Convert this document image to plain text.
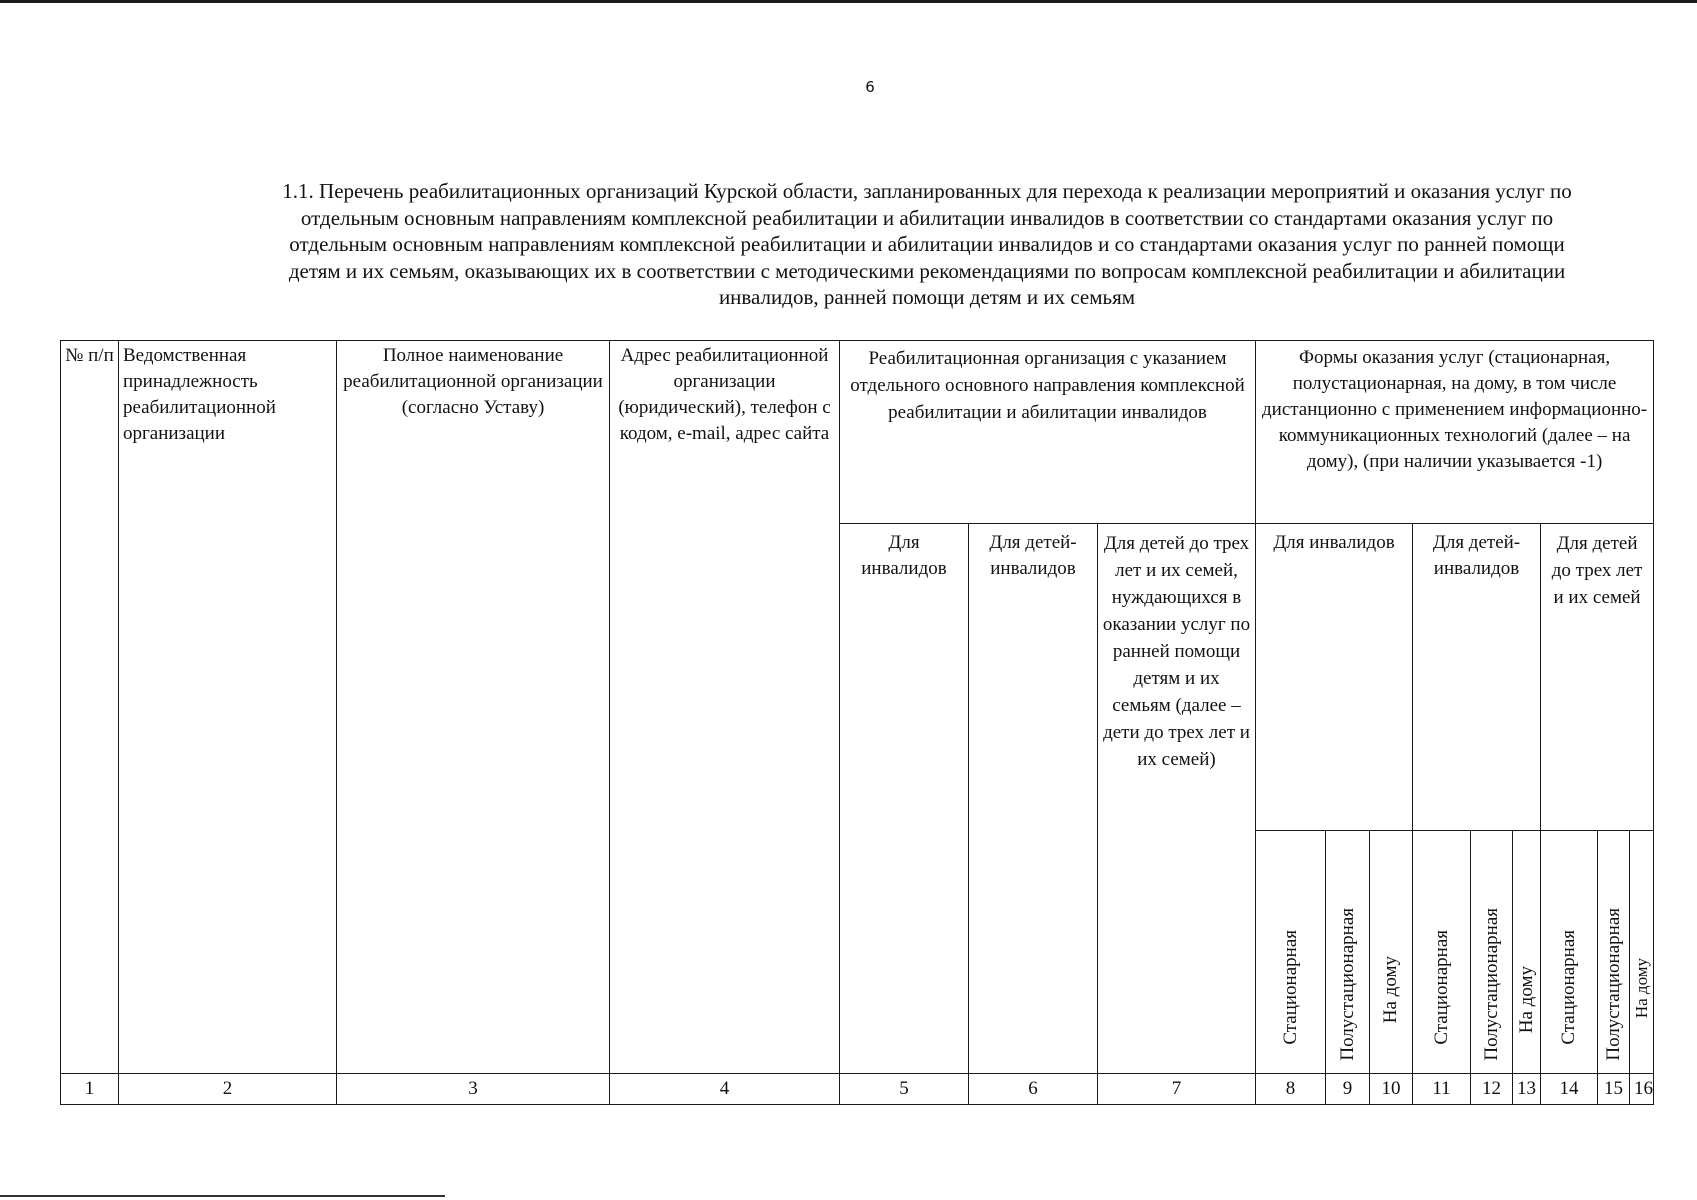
6
1.1. Перечень реабилитационных организаций Курской области, запланированных для перехода к реализации мероприятий и оказания услуг по отдельным основным направлениям комплексной реабилитации и абилитации инвалидов в соответствии со стандартами оказания услуг по отдельным основным направлениям комплексной реабилитации и абилитации инвалидов и со стандартами оказания услуг по ранней помощи детям и их семьям, оказывающих их в соответствии с методическими рекомендациями по вопросам комплексной реабилитации и абилитации инвалидов, ранней помощи детям и их семьям
№ п/п	Ведомственная принадлежность реабилитационной организации	Полное наименование реабилитационной организации (согласно Уставу)	Адрес реабилитационной организации (юридический), телефон с кодом, e-mail, адрес сайта	Реабилитационная организация с указанием отдельного основного направления комплексной реабилитации и абилитации инвалидов			Формы оказания услуг (стационарная, полустационарная, на дому, в том числе дистанционно с применением информационно-коммуникационных технологий (далее – на дому), (при наличии указывается -1)								
				Для инвалидов	Для детей-инвалидов	Для детей до трех лет и их семей, нуждающихся в оказании услуг по ранней помощи детям и их семьям (далее – дети до трех лет и их семей)	Для инвалидов			Для детей-инвалидов			Для детей до трех лет и их семей		

							Стационарная	Полустационарная	На дому	Стационарная	Полустационарная	На дому	Стационарная	Полустационарная	На дому

1	2	3	4	5	6	7	8	9	10	11	12	13	14	15	16
